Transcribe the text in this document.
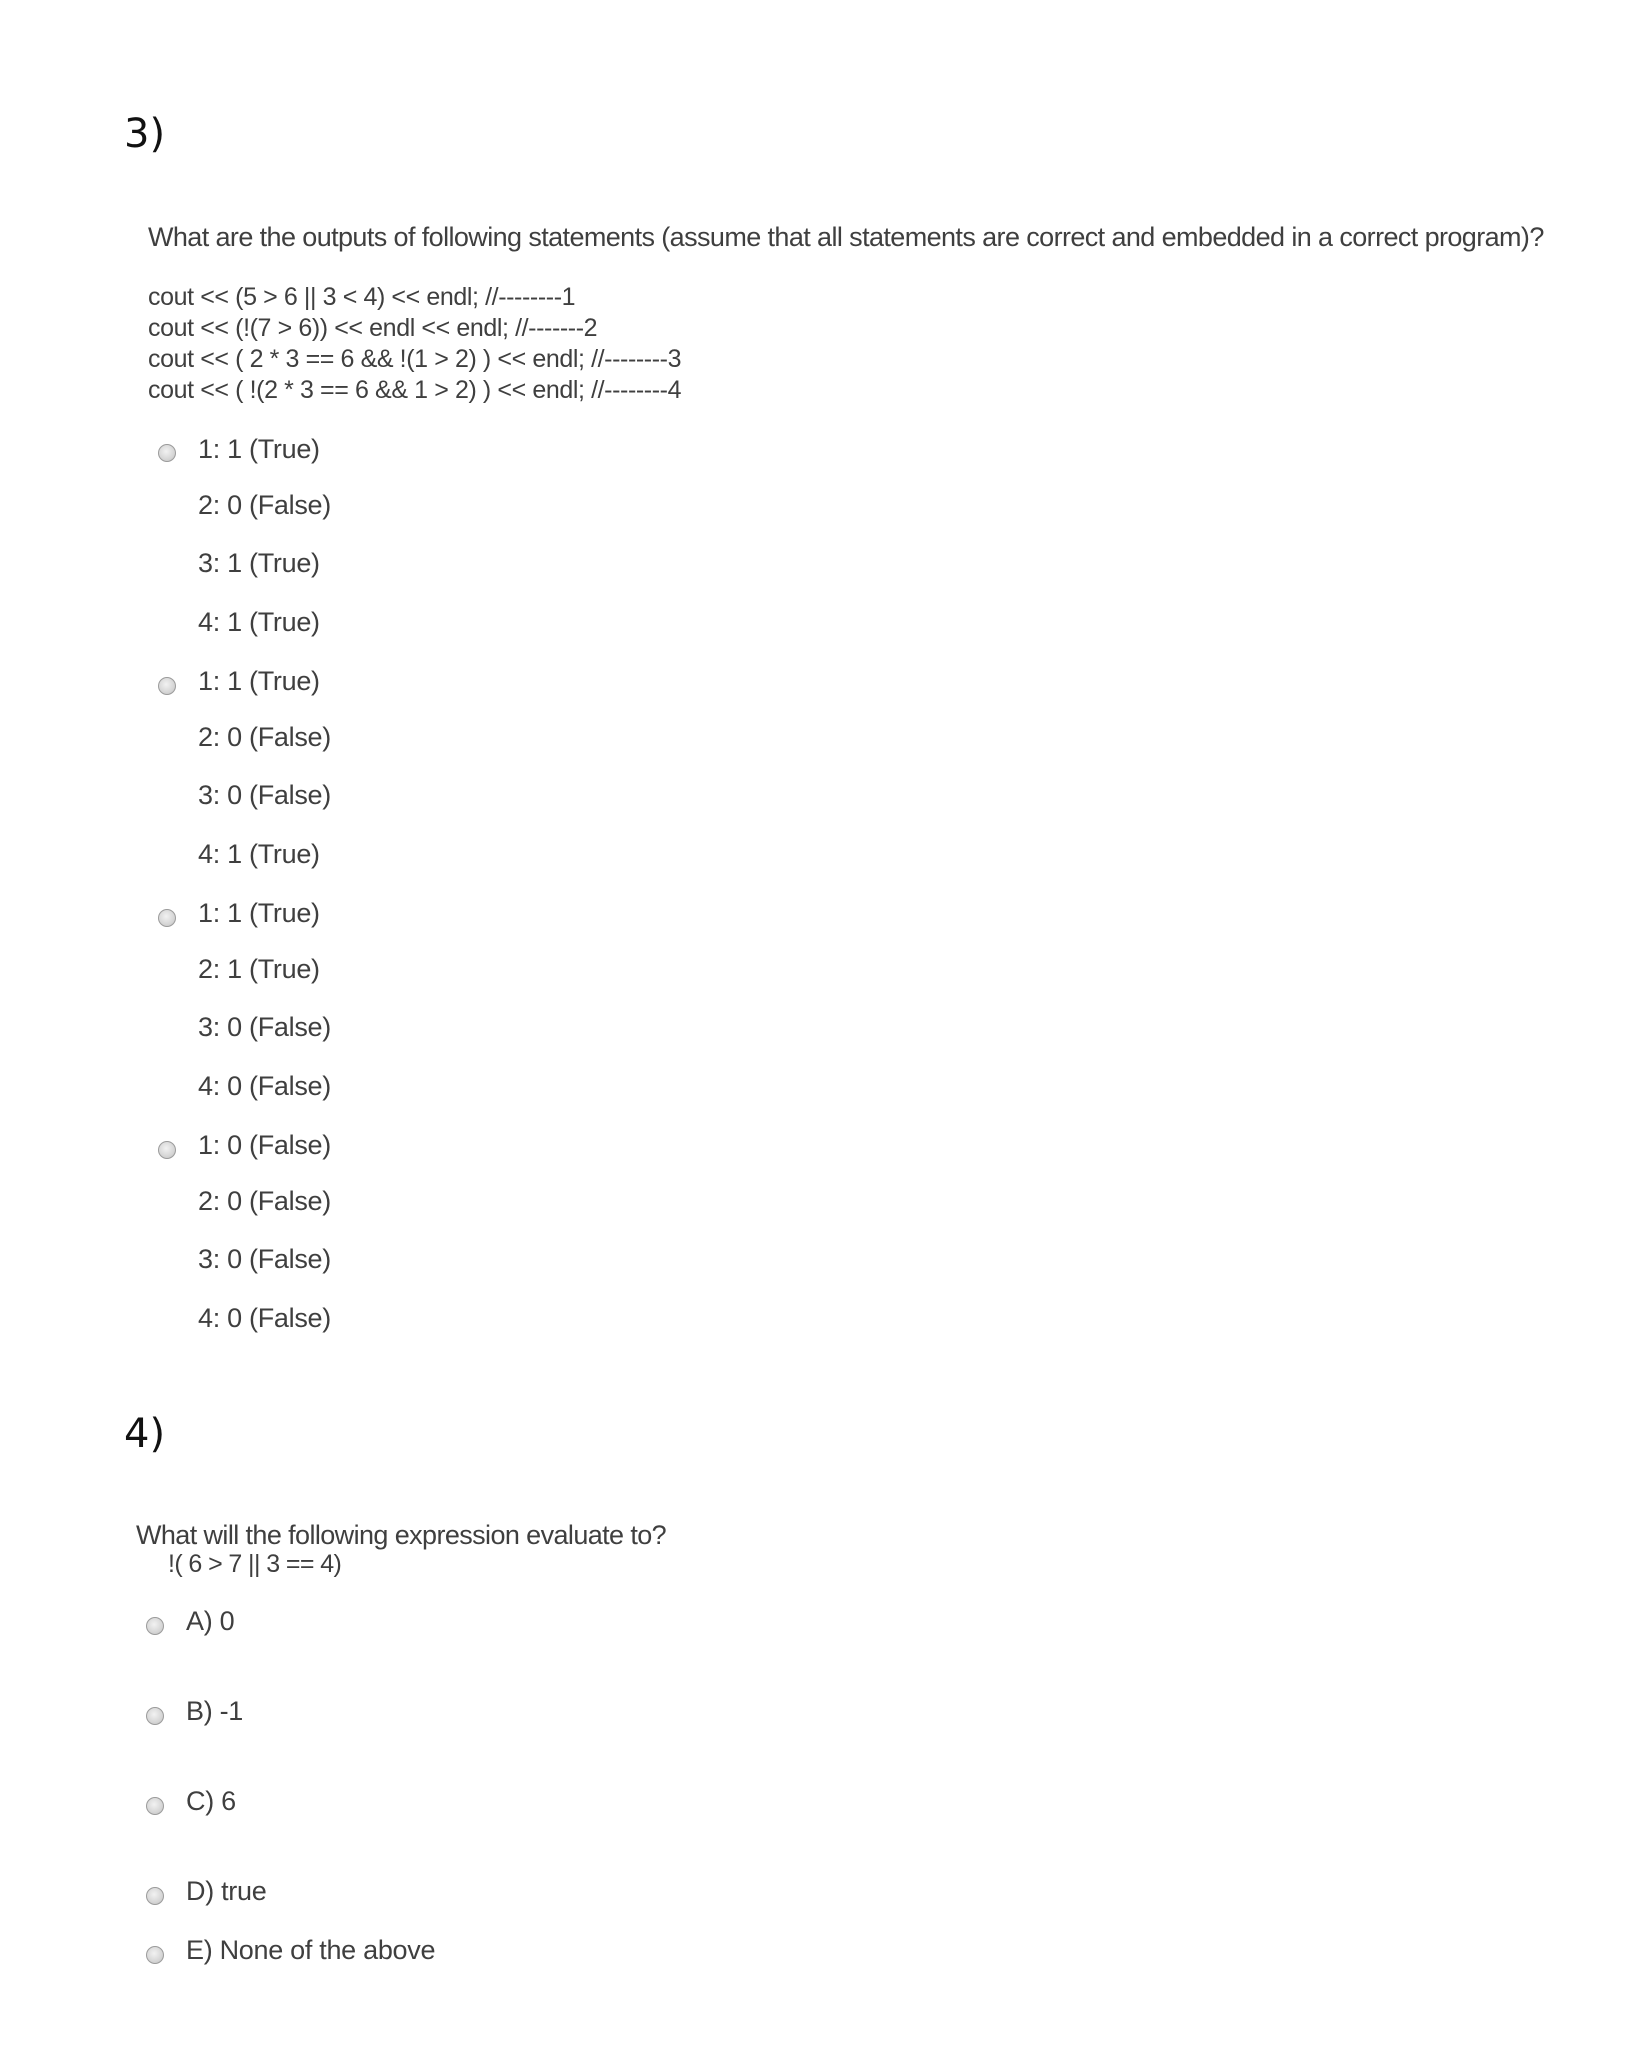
3)

What are the outputs of following statements (assume that all statements are correct and embedded in a correct program)?

cout << (5 > 6 || 3 < 4) << endl; //--------1
cout << (!(7 > 6)) << endl << endl; //-------2
cout << ( 2 * 3 == 6 && !(1 > 2) ) << endl; //--------3
cout << ( !(2 * 3 == 6 && 1 > 2) ) << endl; //--------4
1: 1 (True)
2: 0 (False)
3: 1 (True)
4: 1 (True)
1: 1 (True)
2: 0 (False)
3: 0 (False)
4: 1 (True)
1: 1 (True)
2: 1 (True)
3: 0 (False)
4: 0 (False)
1: 0 (False)
2: 0 (False)
3: 0 (False)
4: 0 (False)
4)

What will the following expression evaluate to?

!( 6 > 7 || 3 == 4)

A) 0
B) -1
C) 6
D) true
E) None of the above
